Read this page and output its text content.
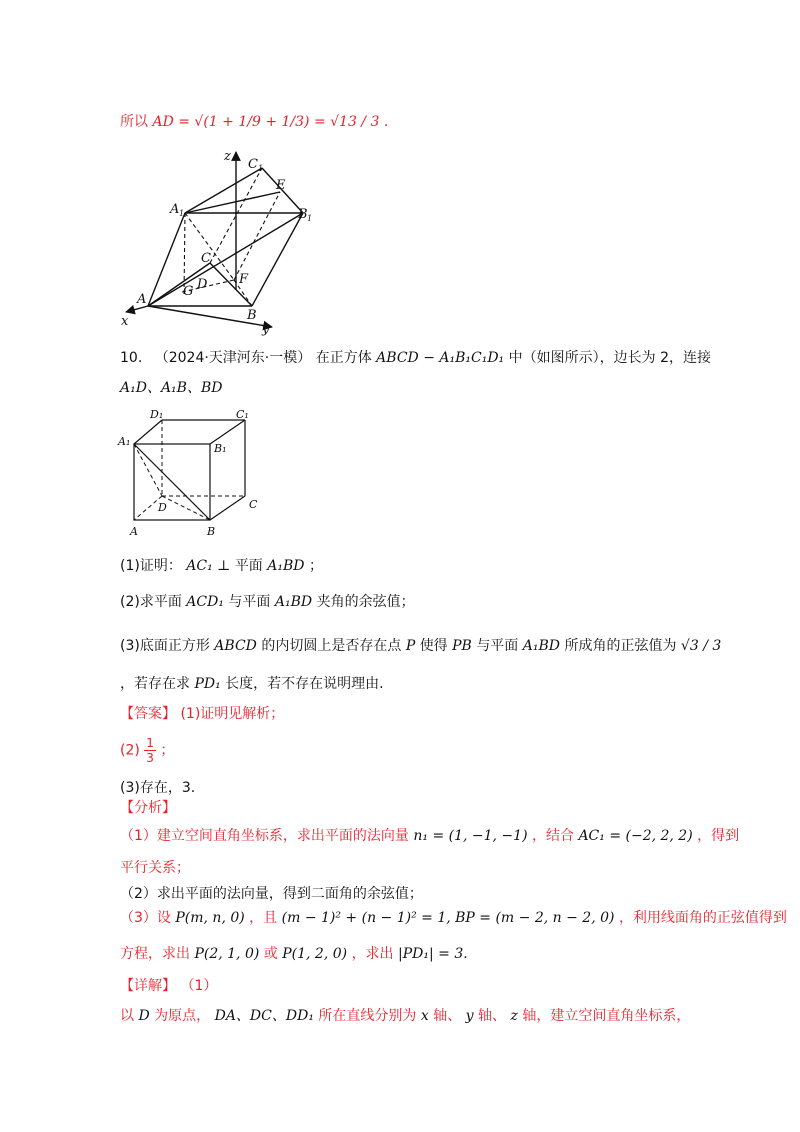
所以 AD = √(1 + 1/9 + 1/3) = √13 / 3 .
z
C 1
E
A 1	B 1
C
D F
G
A
B
x
y
D₁	C₁
A₁
B₁
D	C
A	B
10. （2024·天津河东·一模） 在正方体 ABCD − A₁B₁C₁D₁ 中（如图所示），边长为 2，连接
A₁D、A₁B、BD
(1)证明： AC₁ ⊥ 平面 A₁BD ；
(2)求平面 ACD₁ 与平面 A₁BD 夹角的余弦值；
(3)底面正方形 ABCD 的内切圆上是否存在点 P 使得 PB 与平面 A₁BD 所成角的正弦值为 √3 / 3
，若存在求 PD₁ 长度，若不存在说明理由.
【答案】 (1)证明见解析；
$(2) \frac{1}{3}$ ；
(3)存在，3.
【分析】
（1）建立空间直角坐标系，求出平面的法向量 n₁ = (1, −1, −1) ，结合 AC₁ = (−2, 2, 2) ，得到
平行关系；
（2）求出平面的法向量，得到二面角的余弦值；
（3）设 P(m, n, 0) ，且 (m − 1)² + (n − 1)² = 1, BP = (m − 2, n − 2, 0) ，利用线面角的正弦值得到
方程，求出 P(2, 1, 0) 或 P(1, 2, 0) ，求出 |PD₁| = 3.
【详解】 （1）
以 D 为原点， DA、DC、DD₁ 所在直线分别为 x 轴、 y 轴、 z 轴，建立空间直角坐标系，
